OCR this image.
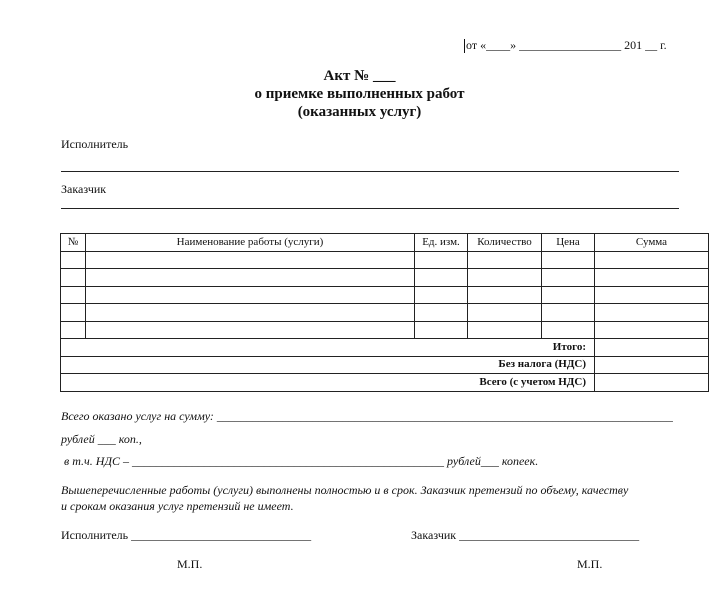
от «____» _________________ 201 __ г.
Акт № ___
о приемке выполненных работ
(оказанных услуг)
Исполнитель
Заказчик
№	Наименование работы (услуги)	Ед. изм.	Количество	Цена	Сумма

Итого:					
Без налога (НДС)					
Всего (с учетом НДС)					
Всего оказано услуг на сумму: ____________________________________________________________________________
рублей ___ коп.,
в т.ч. НДС – ____________________________________________________ рублей___ копеек.
Вышеперечисленные работы (услуги) выполнены полностью и в срок. Заказчик претензий по объему, качеству
и срокам оказания услуг претензий не имеет.
Исполнитель ______________________________	Заказчик ______________________________
М.П.	М.П.
